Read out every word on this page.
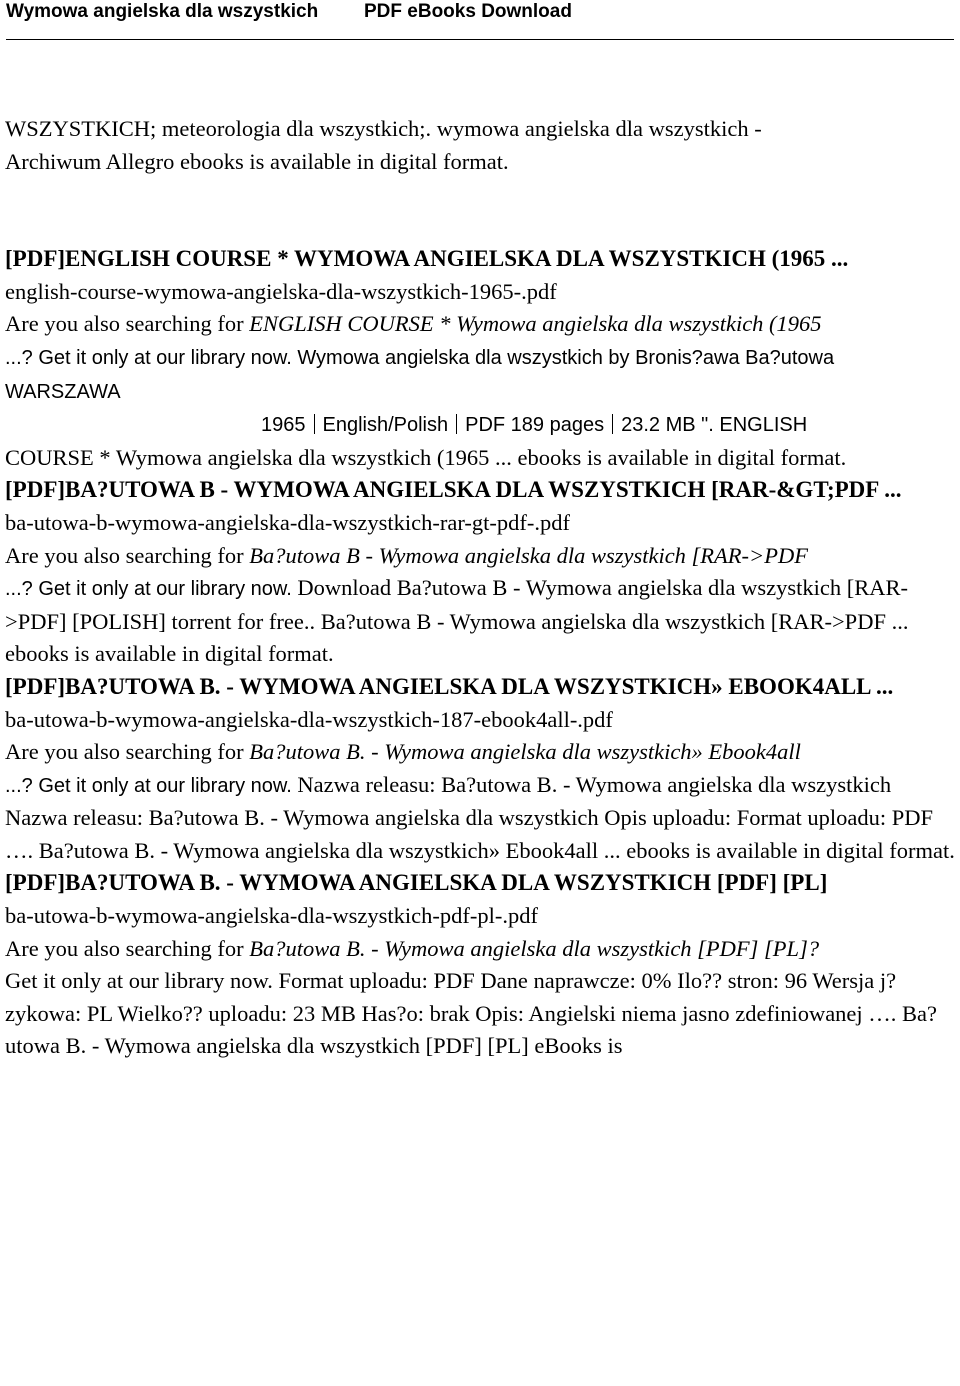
Wymowa angielska dla wszystkich PDF eBooks Download

WSZYSTKICH; meteorologia dla wszystkich;. wymowa angielska dla wszystkich -
Archiwum Allegro ebooks is available in digital format.

[PDF]ENGLISH COURSE * WYMOWA ANGIELSKA DLA WSZYSTKICH (1965 ...
english-course-wymowa-angielska-dla-wszystkich-1965-.pdf
Are you also searching for ENGLISH COURSE * Wymowa angielska dla wszystkich (1965
...? Get it only at our library now. Wymowa angielska dla wszystkich by Bronis?awa Ba?utowa WARSZAWA
1965 English/Polish PDF 189 pages 23.2 MB ". ENGLISH
COURSE * Wymowa angielska dla wszystkich (1965 ... ebooks is available in digital format.

[PDF]BA?UTOWA B - WYMOWA ANGIELSKA DLA WSZYSTKICH [RAR-&GT;PDF ...
ba-utowa-b-wymowa-angielska-dla-wszystkich-rar-gt-pdf-.pdf
Are you also searching for Ba?utowa B - Wymowa angielska dla wszystkich [RAR->PDF
...? Get it only at our library now. Download Ba?utowa B - Wymowa angielska dla wszystkich [RAR->PDF] [POLISH] torrent for free.. Ba?utowa B - Wymowa angielska dla wszystkich [RAR->PDF ... ebooks is available in digital format.

[PDF]BA?UTOWA B. - WYMOWA ANGIELSKA DLA WSZYSTKICH» EBOOK4ALL ...
ba-utowa-b-wymowa-angielska-dla-wszystkich-187-ebook4all-.pdf
Are you also searching for Ba?utowa B. - Wymowa angielska dla wszystkich» Ebook4all
...? Get it only at our library now. Nazwa releasu: Ba?utowa B. - Wymowa angielska dla wszystkich Nazwa releasu: Ba?utowa B. - Wymowa angielska dla wszystkich Opis uploadu: Format uploadu: PDF …. Ba?utowa B. - Wymowa angielska dla wszystkich» Ebook4all ... ebooks is available in digital format.

[PDF]BA?UTOWA B. - WYMOWA ANGIELSKA DLA WSZYSTKICH [PDF] [PL]
ba-utowa-b-wymowa-angielska-dla-wszystkich-pdf-pl-.pdf
Are you also searching for Ba?utowa B. - Wymowa angielska dla wszystkich [PDF] [PL]?
Get it only at our library now. Format uploadu: PDF Dane naprawcze: 0% Ilo?? stron: 96 Wersja j?zykowa: PL Wielko?? uploadu: 23 MB Has?o: brak Opis: Angielski niema jasno zdefiniowanej …. Ba?utowa B. - Wymowa angielska dla wszystkich [PDF] [PL] eBooks is
